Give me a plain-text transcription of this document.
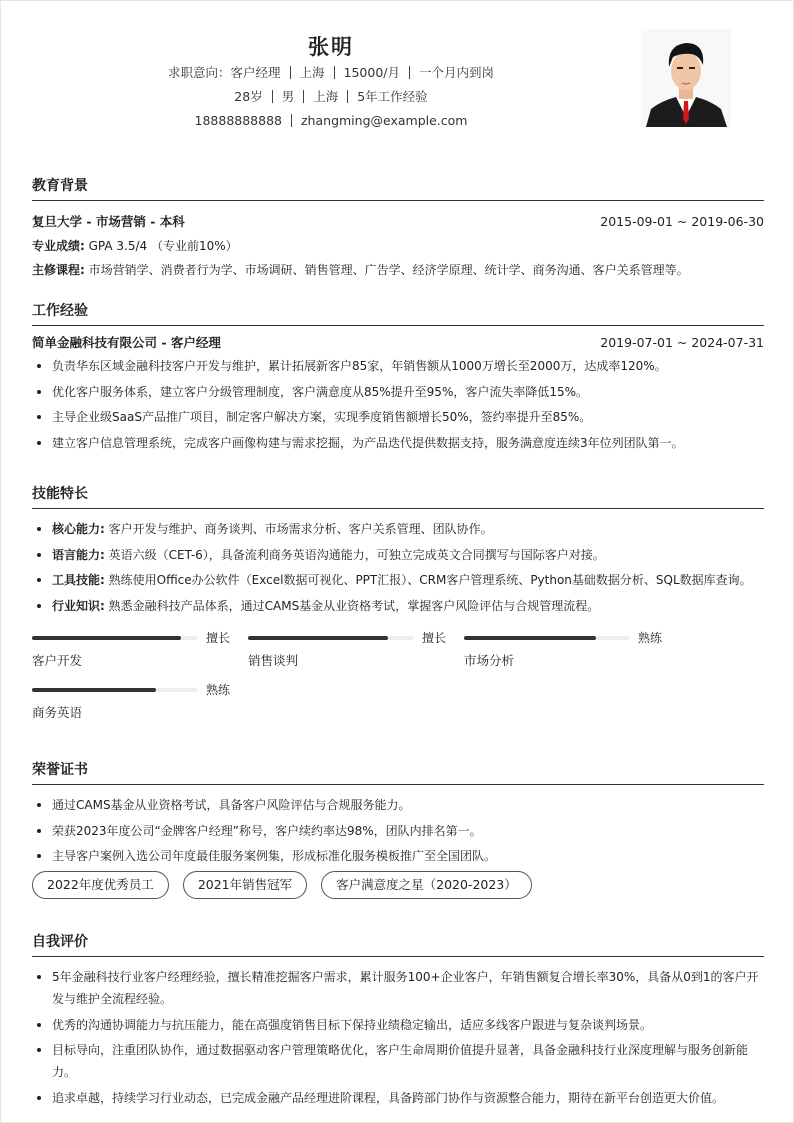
张明
求职意向：客户经理 上海 15000/月 一个月内到岗
28岁 男 上海 5年工作经验
18888888888 zhangming@example.com
教育背景
复旦大学 - 市场营销 - 本科	2015-09-01 ~ 2019-06-30
专业成绩: GPA 3.5/4 （专业前10%）
主修课程: 市场营销学、消费者行为学、市场调研、销售管理、广告学、经济学原理、统计学、商务沟通、客户关系管理等。
工作经验
简单金融科技有限公司 - 客户经理	2019-07-01 ~ 2024-07-31
负责华东区域金融科技客户开发与维护，累计拓展新客户85家，年销售额从1000万增长至2000万，达成率120%。
优化客户服务体系，建立客户分级管理制度，客户满意度从85%提升至95%，客户流失率降低15%。
主导企业级SaaS产品推广项目，制定客户解决方案，实现季度销售额增长50%，签约率提升至85%。
建立客户信息管理系统，完成客户画像构建与需求挖掘，为产品迭代提供数据支持，服务满意度连续3年位列团队第一。
技能特长
核心能力: 客户开发与维护、商务谈判、市场需求分析、客户关系管理、团队协作。
语言能力: 英语六级（CET-6），具备流利商务英语沟通能力，可独立完成英文合同撰写与国际客户对接。
工具技能: 熟练使用Office办公软件（Excel数据可视化、PPT汇报）、CRM客户管理系统、Python基础数据分析、SQL数据库查询。
行业知识: 熟悉金融科技产品体系，通过CAMS基金从业资格考试，掌握客户风险评估与合规管理流程。
擅长
客户开发
擅长
销售谈判
熟练
市场分析
熟练
商务英语
荣誉证书
通过CAMS基金从业资格考试，具备客户风险评估与合规服务能力。
荣获2023年度公司“金牌客户经理”称号，客户续约率达98%，团队内排名第一。
主导客户案例入选公司年度最佳服务案例集，形成标准化服务模板推广至全国团队。
2022年度优秀员工	2021年销售冠军	客户满意度之星（2020-2023）
自我评价
5年金融科技行业客户经理经验，擅长精准挖掘客户需求，累计服务100+企业客户，年销售额复合增长率30%，具备从0到1的客户开发与维护全流程经验。
优秀的沟通协调能力与抗压能力，能在高强度销售目标下保持业绩稳定输出，适应多线客户跟进与复杂谈判场景。
目标导向，注重团队协作，通过数据驱动客户管理策略优化，客户生命周期价值提升显著，具备金融科技行业深度理解与服务创新能力。
追求卓越，持续学习行业动态，已完成金融产品经理进阶课程，具备跨部门协作与资源整合能力，期待在新平台创造更大价值。
